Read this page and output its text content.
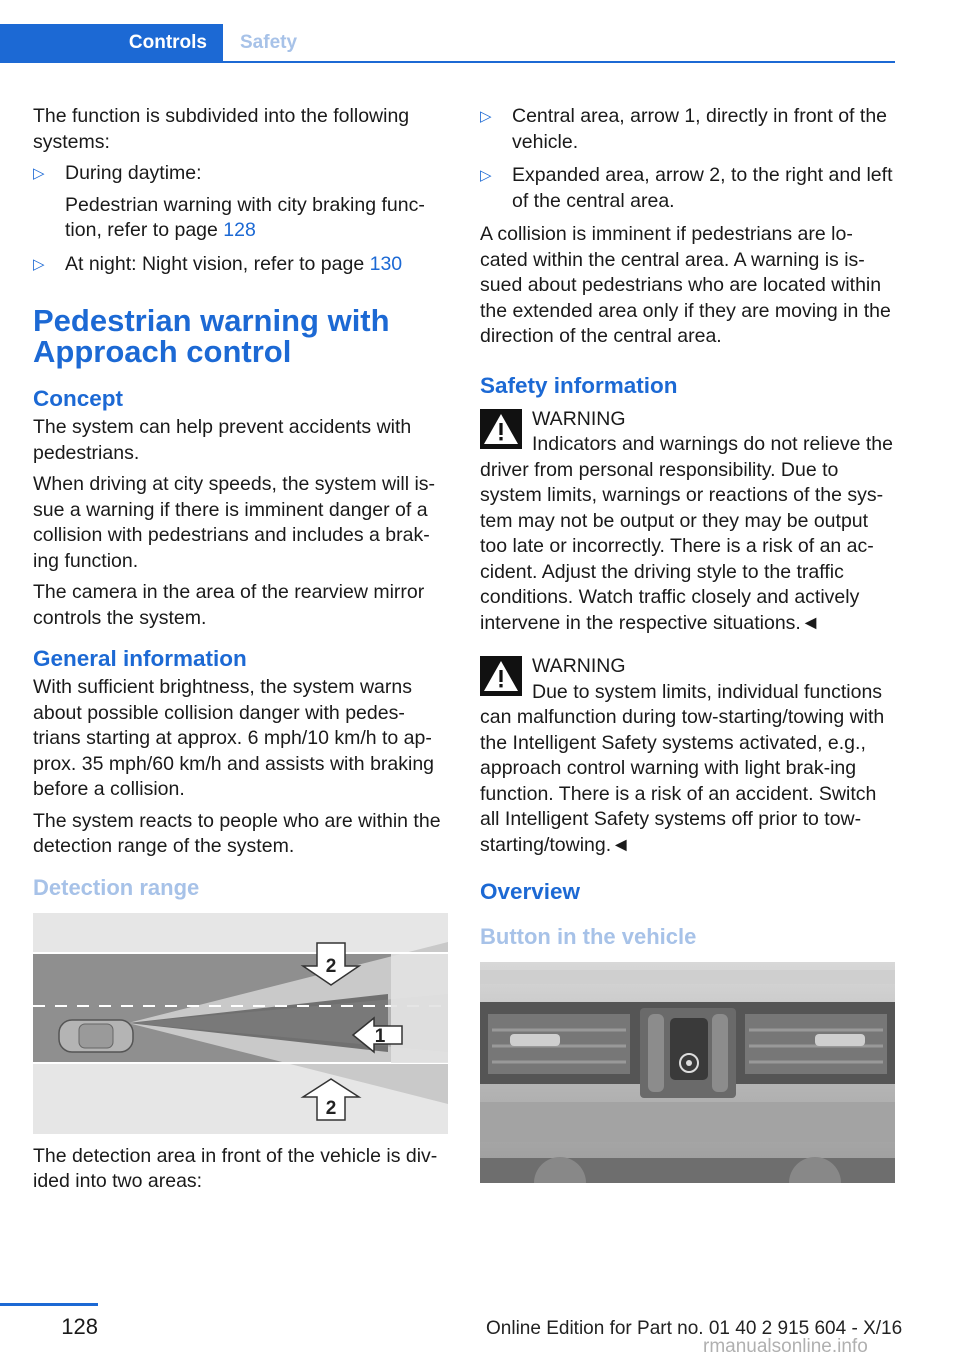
Controls	Safety

The function is subdivided into the following systems:

▷ During daytime:
Pedestrian warning with city braking func‐tion, refer to page 128
▷ At night: Night vision, refer to page 130
Pedestrian warning with Approach control
Concept

The system can help prevent accidents with pedestrians.

When driving at city speeds, the system will is‐sue a warning if there is imminent danger of a collision with pedestrians and includes a brak‐ing function.

The camera in the area of the rearview mirror controls the system.

General information

With sufficient brightness, the system warns about possible collision danger with pedes‐trians starting at approx. 6 mph/10 km/h to ap‐prox. 35 mph/60 km/h and assists with braking before a collision.

The system reacts to people who are within the detection range of the system.

Detection range
2
1
2

The detection area in front of the vehicle is div‐ided into two areas:

▷ Central area, arrow 1, directly in front of the vehicle.
▷ Expanded area, arrow 2, to the right and left of the central area.

A collision is imminent if pedestrians are lo‐cated within the central area. A warning is is‐sued about pedestrians who are located within the extended area only if they are moving in the direction of the central area.

Safety information
WARNING
Indicators and warnings do not relieve the driver from personal responsibility. Due to system limits, warnings or reactions of the sys‐tem may not be output or they may be output too late or incorrectly. There is a risk of an ac‐cident. Adjust the driving style to the traffic conditions. Watch traffic closely and actively intervene in the respective situations.◄
WARNING
Due to system limits, individual functions can malfunction during tow-starting/towing with the Intelligent Safety systems activated, e.g., approach control warning with light brak‐ing function. There is a risk of an accident. Switch all Intelligent Safety systems off prior to tow-starting/towing.◄
Overview
Button in the vehicle
128	Online Edition for Part no. 01 40 2 915 604 - X/16
rmanualsonline.info
